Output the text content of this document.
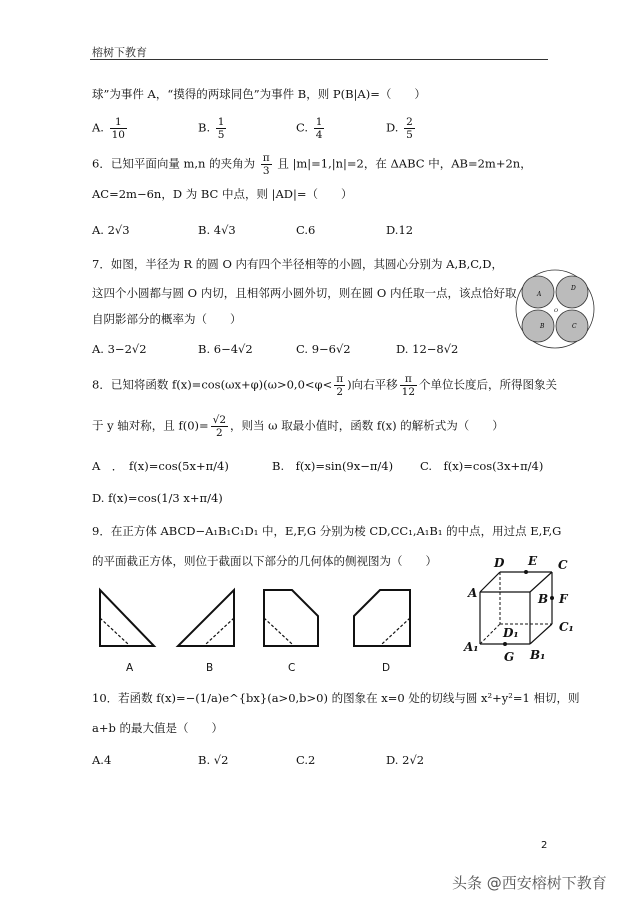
榕树下教育
球”为事件 A，“摸得的两球同色”为事件 B，则 P(B|A)=（　　）
A. $\frac{1}{10}$	B. $\frac{1}{5}$	C. $\frac{1}{4}$	D. $\frac{2}{5}$
6．已知平面向量 m,n 的夹角为 $\frac{\pi}{3}$ 且 |m|=1,|n|=2，在 ΔABC 中，AB=2m+2n，
AC=2m−6n，D 为 BC 中点，则 |AD|=（　　）
A. 2√3	B. 4√3	C.6	D.12
7．如图，半径为 R 的圆 O 内有四个半径相等的小圆，其圆心分别为 A,B,C,D，
这四个小圆都与圆 O 内切，且相邻两小圆外切，则在圆 O 内任取一点，该点恰好取
自阴影部分的概率为（　　）
A. 3−2√2	B. 6−4√2	C. 9−6√2	D. 12−8√2
A
D
O
B	C
8．已知将函数 $f(x)=\cos(\omega x+\varphi)(\omega>0,0<\varphi< \frac{\pi}{2}$ )向右平移 $\frac{\pi}{12}$ 个单位长度后，所得图象关
于 y 轴对称，且 $f(0)= \frac{√2}{2}$ ，则当 ω 取最小值时，函数 f(x) 的解析式为（　　）
A　．　f(x)=cos(5x+π/4)	B.　f(x)=sin(9x−π/4) C.　f(x)=cos(3x+π/4)
D. f(x)=cos(1/3 x+π/4)
9．在正方体 ABCD−A₁B₁C₁D₁ 中，E,F,G 分别为棱 CD,CC₁,A₁B₁ 的中点，用过点 E,F,G
的平面截正方体，则位于截面以下部分的几何体的侧视图为（　　）
A	B	C	D
D E C
A	B F
D₁	C₁
A₁
G B₁
10．若函数 f(x)=−(1/a)e^{bx}(a>0,b>0) 的图象在 x=0 处的切线与圆 x²+y²=1 相切，则
a+b 的最大值是（　　）
A.4	B. √2	C.2	D. 2√2
2
头条 @西安榕树下教育
